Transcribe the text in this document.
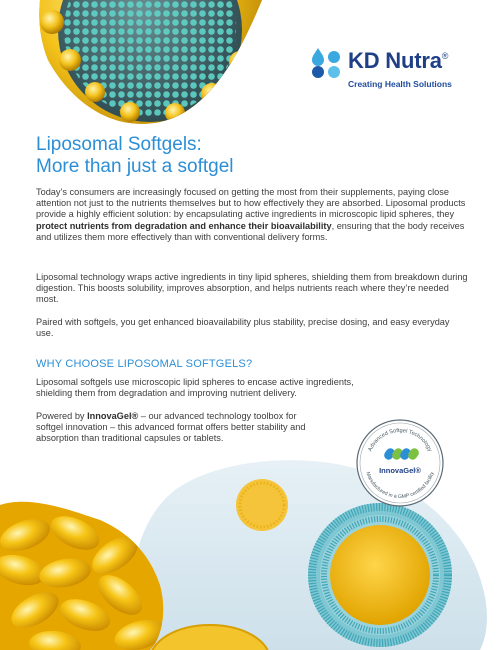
KD Nutra®
Creating Health Solutions
Liposomal Softgels:
More than just a softgel

Today’s consumers are increasingly focused on getting the most from their supplements, paying close attention not just to the nutrients themselves but to how effectively they are absorbed. Liposomal products provide a highly efficient solution: by encapsulating active ingredients in microscopic lipid spheres, they protect nutrients from degradation and enhance their bioavailability, ensuring that the body receives and utilizes them more effectively than with conventional delivery forms.

Liposomal technology wraps active ingredients in tiny lipid spheres, shielding them from breakdown during digestion. This boosts solubility, improves absorption, and helps nutrients reach where they’re needed most.

Paired with softgels, you get enhanced bioavailability plus stability, precise dosing, and easy everyday use.

WHY CHOOSE LIPOSOMAL SOFTGELS?

Liposomal softgels use microscopic lipid spheres to encase active ingredients, shielding them from degradation and improving nutrient delivery.

Powered by InnovaGel® – our advanced technology toolbox for softgel innovation – this advanced format offers better stability and absorption than traditional capsules or tablets.

Advanced Softgel Technology
Manufactured in a GMP certified facility
InnovaGel®
